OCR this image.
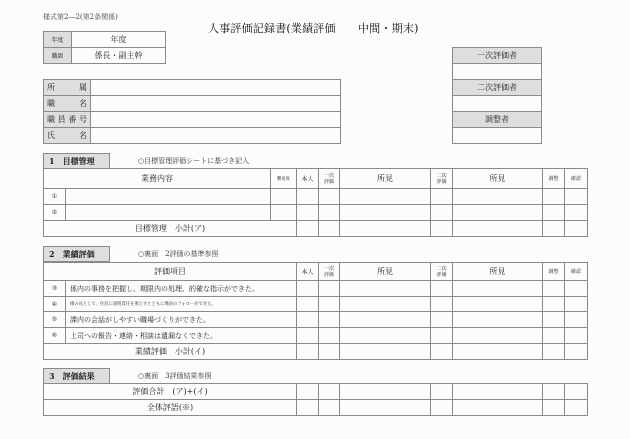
様式第2―2(第2条関係)
人事評価記録書(業績評価　　中間・期末)
年度	年度
職級	係長・副主幹
所属	
職名	
職員番号	
氏名	
一次評価者

二次評価者

調整者

1　目標管理	○目標管理評価シートに基づき記入
業務内容		難易度	本人	一次評価	所見	二次評価	所見	調整	確認
①									
②									
目標管理　小計(ア)									
2　業績評価	○裏面　2評価の基準参照
評価項目		本人	一次評価	所見	二次評価	所見	調整	確認
③	係内の事務を把握し、期限内の処理、的確な指示ができた。							
④	係の長として、住民に説明責任を果たすとともに係員のフォローができた。							
⑤	課内の会話がしやすい職場づくりができた。							
⑥	上司への報告・連絡・相談は遺漏なくできた。							
業績評価　小計(イ)								
3　評価結果	○裏面　3評価結果参照
評価合計　(ア)+(イ)							
全体評語(※)							
